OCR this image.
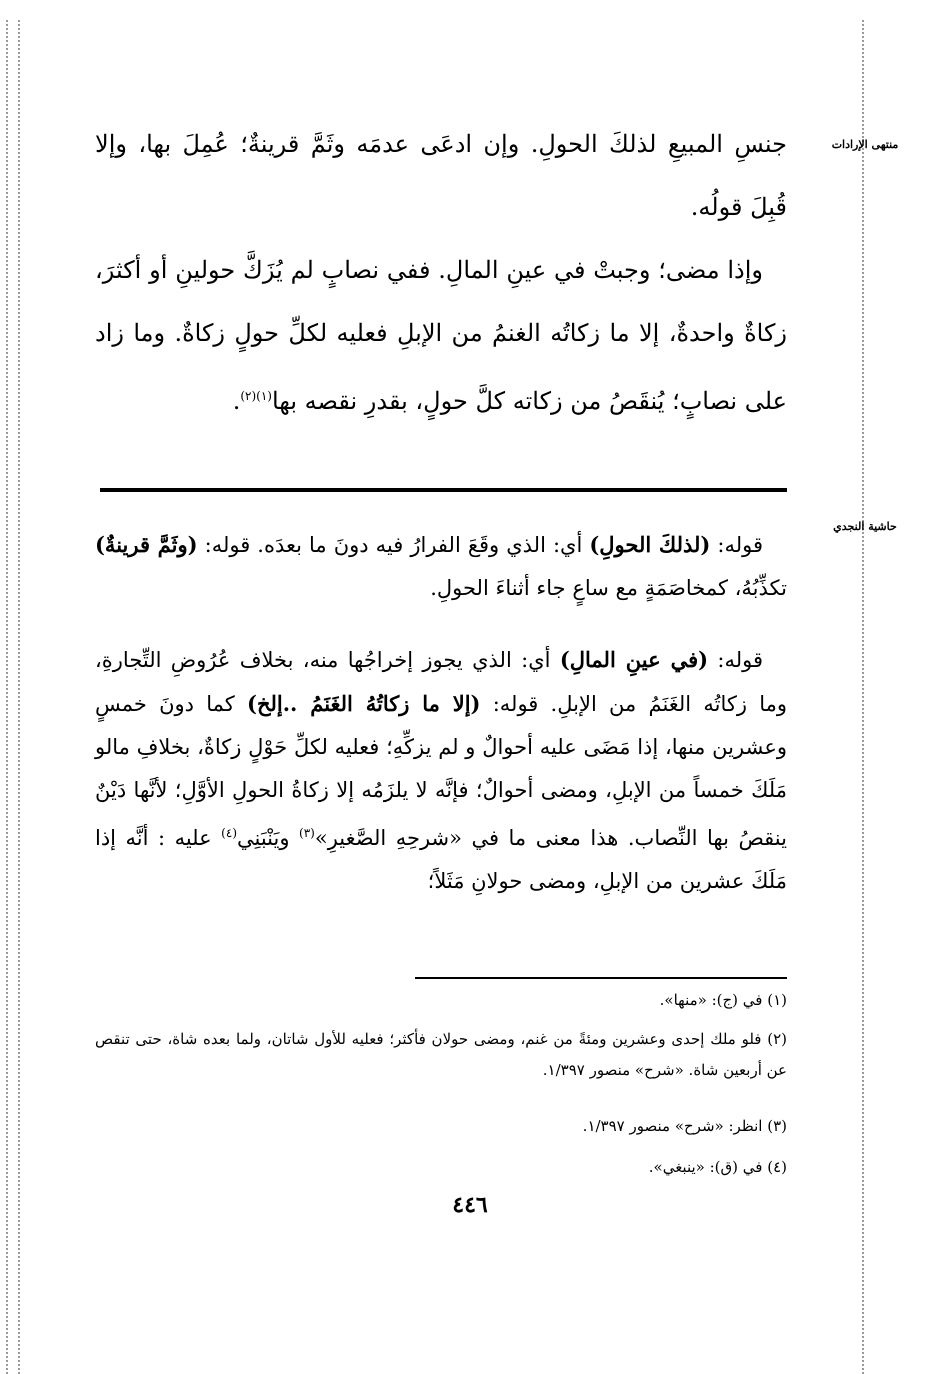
منتهى الإرادات
حاشية النجدي

جنسِ المبيعِ لذلكَ الحولِ. وإن ادعَى عدمَه وثَمَّ قرينةٌ؛ عُمِلَ بها، وإلا قُبِلَ قولُه.

وإذا مضى؛ وجبتْ في عينِ المالِ. ففي نصابٍ لم يُزَكَّ حولينِ أو أكثرَ، زكاةٌ واحدةٌ، إلا ما زكاتُه الغنمُ من الإبلِ فعليه لكلِّ حولٍ زكاةٌ. وما زاد على نصابٍ؛ يُنقَصُ من زكاته كلَّ حولٍ، بقدرِ نقصه بها$^{(١)(٢)}$.

قوله: (لذلكَ الحولِ) أي: الذي وقَعَ الفرارُ فيه دونَ ما بعدَه. قوله: (وثَمَّ قرينةٌ) تكذِّبُهُ، كمخاصَمَةٍ مع ساعٍ جاء أثناءَ الحولِ.

قوله: (في عينِ المالِ) أي: الذي يجوز إخراجُها منه، بخلاف عُرُوضِ التِّجارةِ، وما زكاتُه الغَنَمُ من الإبلِ. قوله: (إلا ما زكاتُهُ الغَنَمُ ..إلخ) كما دونَ خمسٍ وعشرين منها، إذا مَضَى عليه أحوالٌ و لم يزكِّهِ؛ فعليه لكلِّ حَوْلٍ زكاةٌ، بخلافِ مالو مَلَكَ خمساً من الإبلِ، ومضى أحوالٌ؛ فإنَّه لا يلزَمُه إلا زكاةُ الحولِ الأوَّلِ؛ لأنَّها دَيْنٌ ينقصُ بها النِّصاب. هذا معنى ما في «شرحِهِ الصَّغيرِ»$^{(٣)}$ ويَنْبَنِي$^{(٤)}$ عليه : أنَّه إذا مَلَكَ عشرين من الإبلِ، ومضى حولانِ مَثَلاً؛

(١) في (ج): «منها».

(٢) فلو ملك إحدى وعشرين ومئةً من غنم، ومضى حولان فأكثر؛ فعليه للأول شاتان، ولما بعده شاة، حتى تنقص عن أربعين شاة. «شرح» منصور ١/٣٩٧.

(٣) انظر: «شرح» منصور ١/٣٩٧.

(٤) في (ق): «ينبغي».

٤٤٦
